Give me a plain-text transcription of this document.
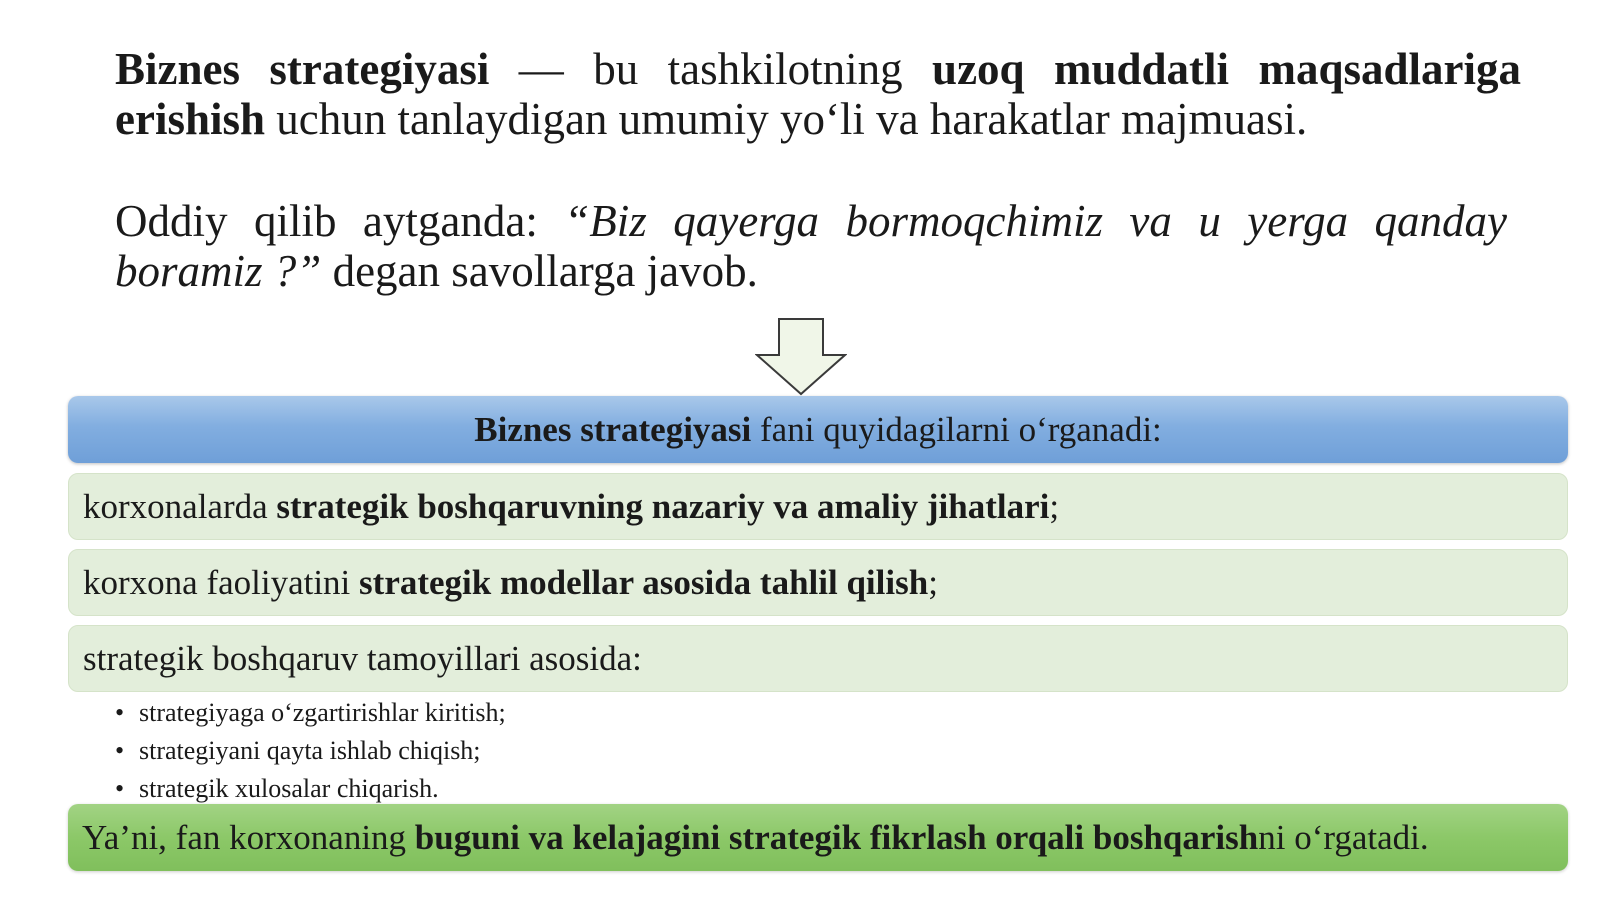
Biznes strategiyasi — bu tashkilotning uzoq muddatli maqsadlariga erishish uchun tanlaydigan umumiy yo‘li va harakatlar majmuasi.

Oddiy qilib aytganda: “Biz qayerga bormoqchimiz va u yerga qanday boramiz ?” degan savollarga javob.

Biznes strategiyasi fani quyidagilarni o‘rganadi:
korxonalarda strategik boshqaruvning nazariy va amaliy jihatlari;
korxona faoliyatini strategik modellar asosida tahlil qilish;
strategik boshqaruv tamoyillari asosida:
• strategiyaga o‘zgartirishlar kiritish;
• strategiyani qayta ishlab chiqish;
• strategik xulosalar chiqarish.
Ya’ni, fan korxonaning buguni va kelajagini strategik fikrlash orqali boshqarishni o‘rgatadi.
